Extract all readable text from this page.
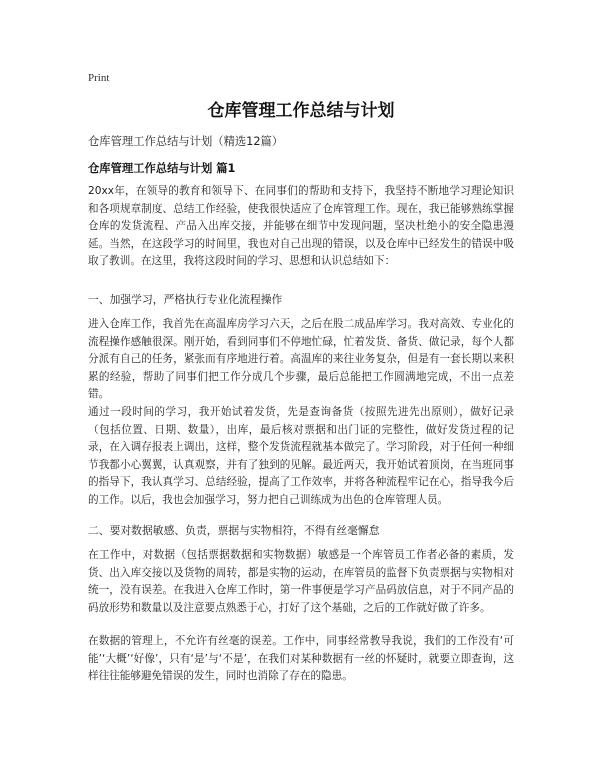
Print
仓库管理工作总结与计划
仓库管理工作总结与计划（精选12篇）
仓库管理工作总结与计划 篇1
20xx年，在领导的教育和领导下、在同事们的帮助和支持下，我坚持不断地学习理论知识和各项规章制度、总结工作经验，使我很快适应了仓库管理工作。现在，我已能够熟练掌握仓库的发货流程、产品入出库交接，并能够在细节中发现问题，坚决杜绝小的安全隐患漫延。当然，在这段学习的时间里，我也对自己出现的错误，以及仓库中已经发生的错误中吸取了教训。在这里，我将这段时间的学习、思想和认识总结如下：
一、加强学习，严格执行专业化流程操作
进入仓库工作，我首先在高温库房学习六天，之后在股二成品库学习。我对高效、专业化的流程操作感触很深。刚开始，看到同事们不停地忙碌，忙着发货、备货、做记录，每个人都分派有自己的任务，紧张而有序地进行着。高温库的来往业务复杂，但是有一套长期以来积累的经验，帮助了同事们把工作分成几个步骤，最后总能把工作圆满地完成，不出一点差错。
通过一段时间的学习，我开始试着发货，先是查询备货（按照先进先出原则），做好记录（包括位置、日期、数量），出库，最后核对票据和出门证的完整性，做好发货过程的记录，在入调存报表上调出，这样，整个发货流程就基本做完了。学习阶段，对于任何一种细节我都小心翼翼，认真观察，并有了独到的见解。最近两天，我开始试着顶岗，在当班同事的指导下，我认真学习、总结经验，提高了工作效率，并将各种流程牢记在心，指导我今后的工作。以后，我也会加强学习，努力把自己训练成为出色的仓库管理人员。
二、要对数据敏感、负责，票据与实物相符，不得有丝毫懈怠
在工作中，对数据（包括票据数据和实物数据）敏感是一个库管员工作者必备的素质，发货、出入库交接以及货物的周转，都是实物的运动，在库管员的监督下负责票据与实物相对统一，没有误差。在我进入仓库工作时，第一件事便是学习产品码放信息，对于不同产品的码放形势和数量以及注意要点熟悉于心，打好了这个基础，之后的工作就好做了许多。
在数据的管理上，不允许有丝毫的误差。工作中，同事经常教导我说，我们的工作没有‘可能’‘大概’‘好像’，只有‘是’与‘不是’，在我们对某种数据有一丝的怀疑时，就要立即查询，这样往往能够避免错误的发生，同时也消除了存在的隐患。
